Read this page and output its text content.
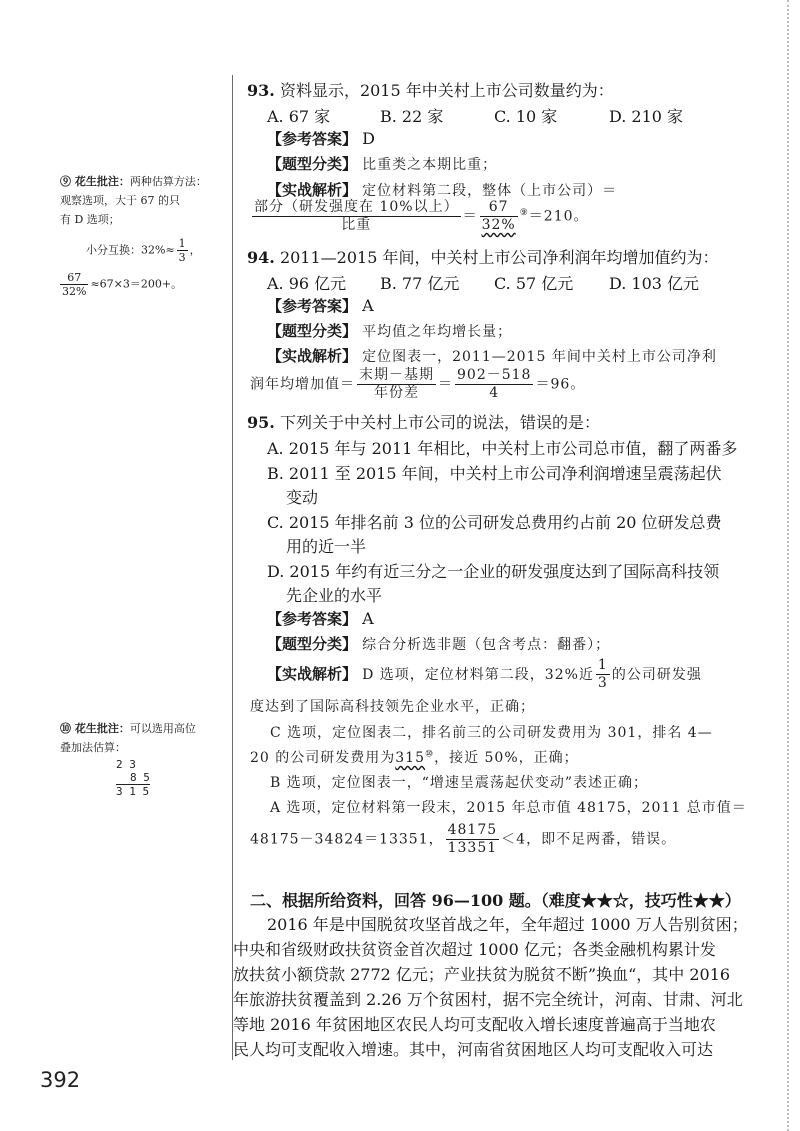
93. 资料显示，2015 年中关村上市公司数量约为：
A. 67 家	B. 22 家	C. 10 家	D. 210 家
【参考答案】 D
【题型分类】 比重类之本期比重；
【实战解析】 定位材料第二段，整体（上市公司）＝
$\frac{\text{部分（研发强度在 10\%以上）}}{\text{比重}} = \frac{67}{32\%} ^⑨=210$。
94. 2011—2015 年间，中关村上市公司净利润年均增加值约为：
A. 96 亿元 B. 77 亿元 C. 57 亿元 D. 103 亿元
【参考答案】 A
【题型分类】 平均值之年均增长量；
【实战解析】 定位图表一，2011—2015 年间中关村上市公司净利
润年均增加值＝ $\frac{\text{末期－基期}}{\text{年份差}} = \frac{902-518}{4} =96$。
95. 下列关于中关村上市公司的说法，错误的是：
A. 2015 年与 2011 年相比，中关村上市公司总市值，翻了两番多
B. 2011 至 2015 年间，中关村上市公司净利润增速呈震荡起伏
变动
C. 2015 年排名前 3 位的公司研发总费用约占前 20 位研发总费
用的近一半
D. 2015 年约有近三分之一企业的研发强度达到了国际高科技领
先企业的水平
【参考答案】 A
【题型分类】 综合分析选非题（包含考点：翻番）；
【实战解析】 D 选项，定位材料第二段，32%近 $\frac{1}{3}$ 的公司研发强
度达到了国际高科技领先企业水平，正确；
C 选项，定位图表二，排名前三的公司研发费用为 301，排名 4—
20 的公司研发费用为315⑩，接近 50%，正确；
B 选项，定位图表一，“增速呈震荡起伏变动”表述正确；
A 选项，定位材料第一段末，2015 年总市值 48175，2011 总市值＝
48175－34824＝13351， $\frac{48175}{13351} <4$，即不足两番，错误。
二、根据所给资料，回答 96—100 题。（难度★★☆，技巧性★★）
2016 年是中国脱贫攻坚首战之年，全年超过 1000 万人告别贫困；
中央和省级财政扶贫资金首次超过 1000 亿元；各类金融机构累计发
放扶贫小额贷款 2772 亿元；产业扶贫为脱贫不断”换血“，其中 2016
年旅游扶贫覆盖到 2.26 万个贫困村，据不完全统计，河南、甘肃、河北
等地 2016 年贫困地区农民人均可支配收入增长速度普遍高于当地农
民人均可支配收入增速。其中，河南省贫困地区人均可支配收入可达
⑨ 花生批注：两种估算方法：
观察选项，大于 67 的只
有 D 选项；
小分互换：$32\%\approx \frac{1}{3}$ ，
$\frac{67}{32\%} \approx 67\times 3=200+$。
⑩ 花生批注：可以选用高位
叠加法估算：
2 3
8 5
3 1 5
392
